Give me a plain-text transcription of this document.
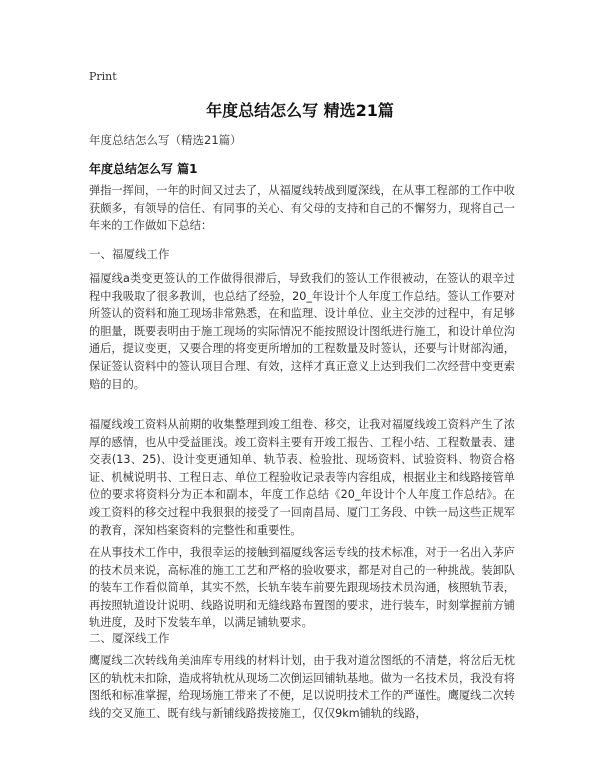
Print
年度总结怎么写 精选21篇
年度总结怎么写（精选21篇）
年度总结怎么写 篇1

弹指一挥间，一年的时间又过去了，从福厦线转战到厦深线，在从事工程部的工作中收获颇多，有领导的信任、有同事的关心、有父母的支持和自己的不懈努力，现将自己一年来的工作做如下总结：

一、福厦线工作

福厦线a类变更签认的工作做得很滞后，导致我们的签认工作很被动，在签认的艰辛过程中我吸取了很多教训，也总结了经验，20_年设计个人年度工作总结。签认工作要对所签认的资料和施工现场非常熟悉，在和监理、设计单位、业主交涉的过程中，有足够的胆量，既要表明由于施工现场的实际情况不能按照设计图纸进行施工，和设计单位沟通后，提议变更，又要合理的将变更所增加的工程数量及时签认，还要与计财部沟通，保证签认资料中的签认项目合理、有效，这样才真正意义上达到我们二次经营中变更索赔的目的。

福厦线竣工资料从前期的收集整理到竣工组卷、移交，让我对福厦线竣工资料产生了浓厚的感情，也从中受益匪浅。竣工资料主要有开竣工报告、工程小结、工程数量表、建交表(13、25)、设计变更通知单、轨节表、检验批、现场资料、试验资料、物资合格证、机械说明书、工程日志、单位工程验收记录表等内容组成，根据业主和线路接管单位的要求将资料分为正本和副本，年度工作总结《20_年设计个人年度工作总结》。在竣工资料的移交过程中我狠狠的接受了一回南昌局、厦门工务段、中铁一局这些正规军的教育，深知档案资料的完整性和重要性。

在从事技术工作中，我很幸运的接触到福厦线客运专线的技术标准，对于一名出入茅庐的技术员来说，高标准的施工工艺和严格的验收要求，都是对自己的一种挑战。装卸队的装车工作看似简单，其实不然，长轨车装车前要先跟现场技术员沟通，核照轨节表，再按照轨道设计说明、线路说明和无缝线路布置图的要求，进行装车，时刻掌握前方铺轨进度，及时下发装车单，以满足铺轨要求。

二、厦深线工作

鹰厦线二次转线角美油库专用线的材料计划，由于我对道岔图纸的不清楚，将岔后无枕区的轨枕未扣除，造成将轨枕从现场二次倒运回铺轨基地。做为一名技术员，我没有将图纸和标准掌握，给现场施工带来了不便，足以说明技术工作的严谨性。鹰厦线二次转线的交叉施工、既有线与新铺线路拨接施工，仅仅9km铺轨的线路，
